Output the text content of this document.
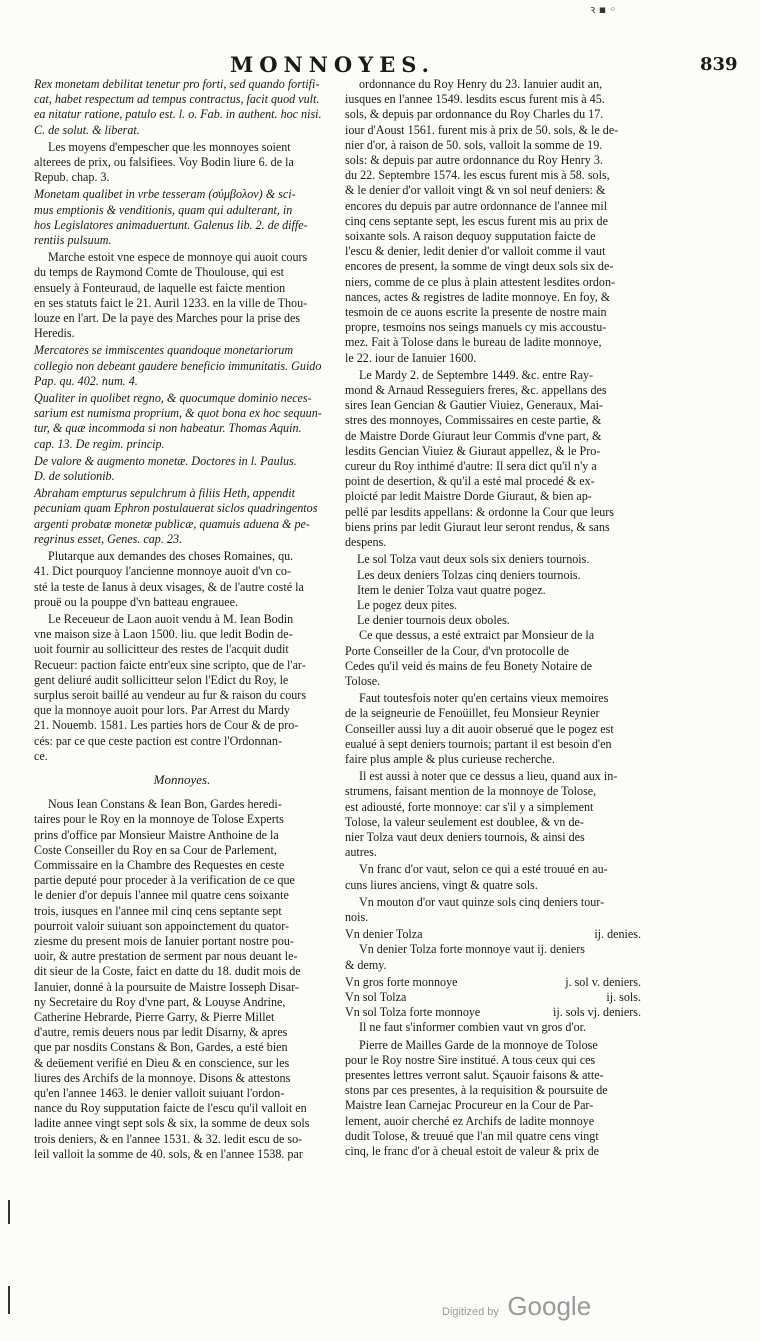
ꝛ ▪ ◦
MONNOYES.	839

Rex monetam debilitat tenetur pro forti, sed quando fortifi-
cat, habet respectum ad tempus contractus, facit quod vult.
ea nitatur ratione, patulo est. l. o. Fab. in authent. hoc nisi.
C. de solut. & liberat.

Les moyens d'empescher que les monnoyes soient
alterees de prix, ou falsifiees. Voy Bodin liure 6. de la
Repub. chap. 3.

Monetam qualibet in vrbe tesseram (σύμβολον) & sci-
mus emptionis & venditionis, quam qui adulterant, in
hos Legislatores animaduertunt. Galenus lib. 2. de diffe-
rentiis pulsuum.

Marche estoit vne espece de monnoye qui auoit cours
du temps de Raymond Comte de Thoulouse, qui est
ensuely à Fonteuraud, de laquelle est faicte mention
en ses statuts faict le 21. Auril 1233. en la ville de Thou-
louze en l'art. De la paye des Marches pour la prise des
Heredis.

Mercatores se immiscentes quandoque monetariorum
collegio non debeant gaudere beneficio immunitatis. Guido
Pap. qu. 402. num. 4.

Qualiter in quolibet regno, & quocumque dominio neces-
sarium est numisma proprium, & quot bona ex hoc sequun-
tur, & quæ incommoda si non habeatur. Thomas Aquin.
cap. 13. De regim. princip.

De valore & augmento monetæ. Doctores in l. Paulus.
D. de solutionib.

Abraham empturus sepulchrum à filiis Heth, appendit
pecuniam quam Ephron postulauerat siclos quadringentos
argenti probatæ monetæ publicæ, quamuis aduena & pe-
regrinus esset, Genes. cap. 23.

Plutarque aux demandes des choses Romaines, qu.
41. Dict pourquoy l'ancienne monnoye auoit d'vn co-
sté la teste de Ianus à deux visages, & de l'autre costé la
prouë ou la pouppe d'vn batteau engrauee.

Le Receueur de Laon auoit vendu à M. Iean Bodin
vne maison size à Laon 1500. liu. que ledit Bodin de-
uoit fournir au sollicitteur des restes de l'acquit dudit
Recueur: paction faicte entr'eux sine scripto, que de l'ar-
gent deliuré audit sollicitteur selon l'Edict du Roy, le
surplus seroit baillé au vendeur au fur & raison du cours
que la monnoye auoit pour lors. Par Arrest du Mardy
21. Nouemb. 1581. Les parties hors de Cour & de pro-
cés: par ce que ceste paction est contre l'Ordonnan-
ce.

Monnoyes.

Nous Iean Constans & Iean Bon, Gardes heredi-
taires pour le Roy en la monnoye de Tolose Experts
prins d'office par Monsieur Maistre Anthoine de la
Coste Conseiller du Roy en sa Cour de Parlement,
Commissaire en la Chambre des Requestes en ceste
partie deputé pour proceder à la verification de ce que
le denier d'or depuis l'annee mil quatre cens soixante
trois, iusques en l'annee mil cinq cens septante sept
pourroit valoir suiuant son appoinctement du quator-
ziesme du present mois de Ianuier portant nostre pou-
uoir, & autre prestation de serment par nous deuant le-
dit sieur de la Coste, faict en datte du 18. dudit mois de
Ianuier, donné à la poursuite de Maistre Iosseph Disar-
ny Secretaire du Roy d'vne part, & Louyse Andrine,
Catherine Hebrarde, Pierre Garry, & Pierre Millet
d'autre, remis deuers nous par ledit Disarny, & apres
que par nosdits Constans & Bon, Gardes, a esté bien
& deüement verifié en Dieu & en conscience, sur les
liures des Archifs de la monnoye. Disons & attestons
qu'en l'annee 1463. le denier valloit suiuant l'ordon-
nance du Roy supputation faicte de l'escu qu'il valloit en
ladite annee vingt sept sols & six, la somme de deux sols
trois deniers, & en l'annee 1531. & 32. ledit escu de so-
leil valloit la somme de 40. sols, & en l'annee 1538. par

ordonnance du Roy Henry du 23. Ianuier audit an,
iusques en l'annee 1549. lesdits escus furent mis à 45.
sols, & depuis par ordonnance du Roy Charles du 17.
iour d'Aoust 1561. furent mis à prix de 50. sols, & le de-
nier d'or, à raison de 50. sols, valloit la somme de 19.
sols: & depuis par autre ordonnance du Roy Henry 3.
du 22. Septembre 1574. les escus furent mis à 58. sols,
& le denier d'or valloit vingt & vn sol neuf deniers: &
encores du depuis par autre ordonnance de l'annee mil
cinq cens septante sept, les escus furent mis au prix de
soixante sols. A raison dequoy supputation faicte de
l'escu & denier, ledit denier d'or valloit comme il vaut
encores de present, la somme de vingt deux sols six de-
niers, comme de ce plus à plain attestent lesdites ordon-
nances, actes & registres de ladite monnoye. En foy, &
tesmoin de ce auons escrite la presente de nostre main
propre, tesmoins nos seings manuels cy mis accoustu-
mez. Fait à Tolose dans le bureau de ladite monnoye,
le 22. iour de Ianuier 1600.

Le Mardy 2. de Septembre 1449. &c. entre Ray-
mond & Arnaud Resseguiers freres, &c. appellans des
sires Iean Gencian & Gautier Viuiez, Generaux, Mai-
stres des monnoyes, Commissaires en ceste partie, &
de Maistre Dorde Giuraut leur Commis d'vne part, &
lesdits Gencian Viuiez & Giuraut appellez, & le Pro-
cureur du Roy inthimé d'autre: Il sera dict qu'il n'y a
point de desertion, & qu'il a esté mal procedé & ex-
ploicté par ledit Maistre Dorde Giuraut, & bien ap-
pellé par lesdits appellans: & ordonne la Cour que leurs
biens prins par ledit Giuraut leur seront rendus, & sans
despens.

Le sol Tolza vaut deux sols six deniers tournois.

Les deux deniers Tolzas cinq deniers tournois.

Item le denier Tolza vaut quatre pogez.

Le pogez deux pites.

Le denier tournois deux oboles.

Ce que dessus, a esté extraict par Monsieur de la
Porte Conseiller de la Cour, d'vn protocolle de
Cedes qu'il veid és mains de feu Bonety Notaire de
Tolose.

Faut toutesfois noter qu'en certains vieux memoires
de la seigneurie de Fenoüillet, feu Monsieur Reynier
Conseiller aussi luy a dit auoir obserué que le pogez est
eualué à sept deniers tournois; partant il est besoin d'en
faire plus ample & plus curieuse recherche.

Il est aussi à noter que ce dessus a lieu, quand aux in-
strumens, faisant mention de la monnoye de Tolose,
est adiousté, forte monnoye: car s'il y a simplement
Tolose, la valeur seulement est doublee, & vn de-
nier Tolza vaut deux deniers tournois, & ainsi des
autres.

Vn franc d'or vaut, selon ce qui a esté trouué en au-
cuns liures anciens, vingt & quatre sols.

Vn mouton d'or vaut quinze sols cinq deniers tour-
nois.

Vn denier Tolza	ij. denies.

Vn denier Tolza forte monnoye vaut ij. deniers
& demy.

Vn gros forte monnoye	j. sol v. deniers.
Vn sol Tolza	ij. sols.
Vn sol Tolza forte monnoye	ij. sols vj. deniers.

Il ne faut s'informer combien vaut vn gros d'or.

Pierre de Mailles Garde de la monnoye de Tolose
pour le Roy nostre Sire institué. A tous ceux qui ces
presentes lettres verront salut. Sçauoir faisons & atte-
stons par ces presentes, à la requisition & poursuite de
Maistre Iean Carnejac Procureur en la Cour de Par-
lement, auoir cherché ez Archifs de ladite monnoye
dudit Tolose, & treuué que l'an mil quatre cens vingt
cinq, le franc d'or à cheual estoit de valeur & prix de

Digitized by Google
